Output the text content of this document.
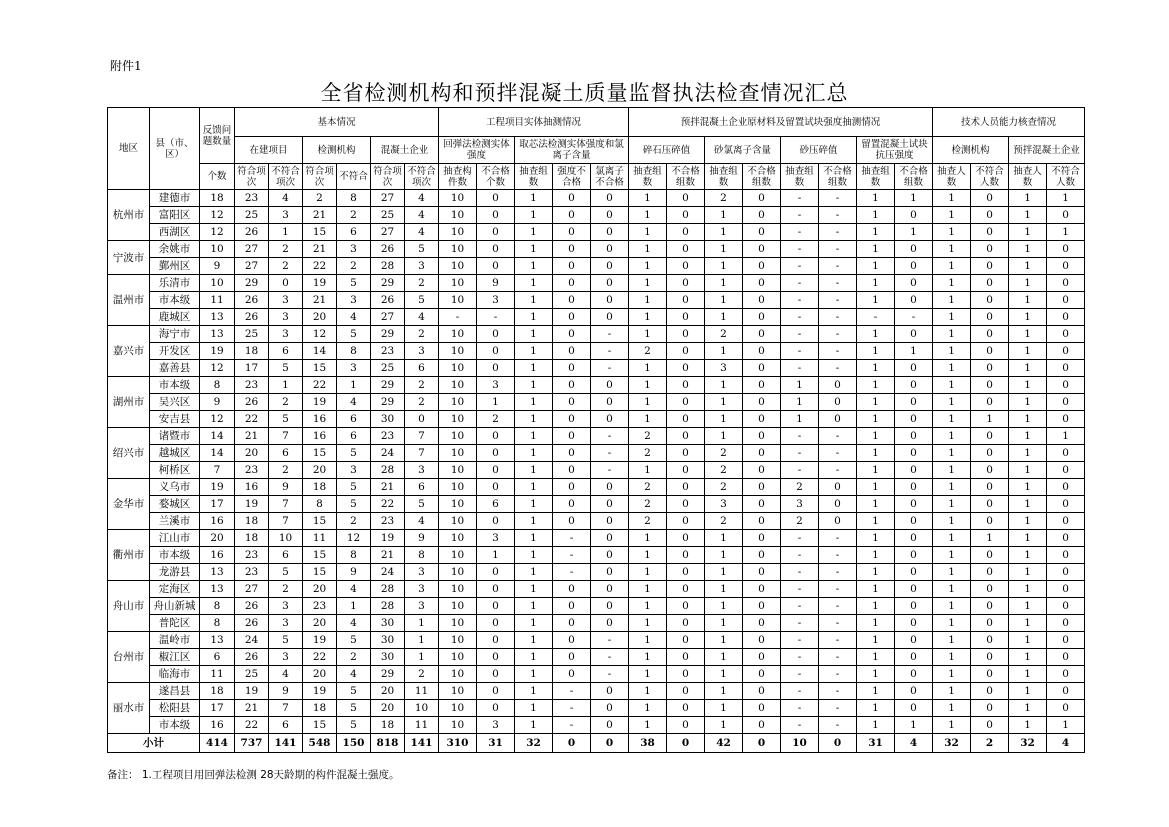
附件1
全省检测机构和预拌混凝土质量监督执法检查情况汇总
地区	县（市、区）	反馈问题数量	基本情况						工程项目实体抽测情况					预拌混凝土企业原材料及留置试块强度抽测情况								技术人员能力核查情况			
			在建项目		检测机构		混凝土企业		回弹法检测实体强度		取芯法检测实体强度和氯离子含量			碎石压碎值		砂氯离子含量		砂压碎值		留置混凝土试块抗压强度		检测机构		预拌混凝土企业	
		个数	符合项次	不符合项次	符合项次	不符合	符合项次	不符合项次	抽查构件数	不合格个数	抽查组数	强度不合格	氯离子不合格	抽查组数	不合格组数	抽查组数	不合格组数	抽查组数	不合格组数	抽查组数	不合格组数	抽查人数	不符合人数	抽查人数	不符合人数
杭州市	建德市	18	23	4	2	8	27	4	10	0	1	0	0	1	0	2	0	-	-	1	1	1	0	1	1
	富阳区	12	25	3	21	2	25	4	10	0	1	0	0	1	0	1	0	-	-	1	0	1	0	1	0
	西湖区	12	26	1	15	6	27	4	10	0	1	0	0	1	0	1	0	-	-	1	1	1	0	1	1
宁波市	余姚市	10	27	2	21	3	26	5	10	0	1	0	0	1	0	1	0	-	-	1	0	1	0	1	0
	鄞州区	9	27	2	22	2	28	3	10	0	1	0	0	1	0	1	0	-	-	1	0	1	0	1	0
温州市	乐清市	10	29	0	19	5	29	2	10	9	1	0	0	1	0	1	0	-	-	1	0	1	0	1	0
	市本级	11	26	3	21	3	26	5	10	3	1	0	0	1	0	1	0	-	-	1	0	1	0	1	0
	鹿城区	13	26	3	20	4	27	4	-	-	1	0	0	1	0	1	0	-	-	-	-	1	0	1	0
嘉兴市	海宁市	13	25	3	12	5	29	2	10	0	1	0	-	1	0	2	0	-	-	1	0	1	0	1	0
	开发区	19	18	6	14	8	23	3	10	0	1	0	-	2	0	1	0	-	-	1	1	1	0	1	0
	嘉善县	12	17	5	15	3	25	6	10	0	1	0	-	1	0	3	0	-	-	1	0	1	0	1	0
湖州市	市本级	8	23	1	22	1	29	2	10	3	1	0	0	1	0	1	0	1	0	1	0	1	0	1	0
	吴兴区	9	26	2	19	4	29	2	10	1	1	0	0	1	0	1	0	1	0	1	0	1	0	1	0
	安吉县	12	22	5	16	6	30	0	10	2	1	0	0	1	0	1	0	1	0	1	0	1	1	1	0
绍兴市	诸暨市	14	21	7	16	6	23	7	10	0	1	0	-	2	0	1	0	-	-	1	0	1	0	1	1
	越城区	14	20	6	15	5	24	7	10	0	1	0	-	2	0	2	0	-	-	1	0	1	0	1	0
	柯桥区	7	23	2	20	3	28	3	10	0	1	0	-	1	0	2	0	-	-	1	0	1	0	1	0
金华市	义乌市	19	16	9	18	5	21	6	10	0	1	0	0	2	0	2	0	2	0	1	0	1	0	1	0
	婺城区	17	19	7	8	5	22	5	10	6	1	0	0	2	0	3	0	3	0	1	0	1	0	1	0
	兰溪市	16	18	7	15	2	23	4	10	0	1	0	0	2	0	2	0	2	0	1	0	1	0	1	0
衢州市	江山市	20	18	10	11	12	19	9	10	3	1	-	0	1	0	1	0	-	-	1	0	1	1	1	0
	市本级	16	23	6	15	8	21	8	10	1	1	-	0	1	0	1	0	-	-	1	0	1	0	1	0
	龙游县	13	23	5	15	9	24	3	10	0	1	-	0	1	0	1	0	-	-	1	0	1	0	1	0
舟山市	定海区	13	27	2	20	4	28	3	10	0	1	0	0	1	0	1	0	-	-	1	0	1	0	1	0
	舟山新城	8	26	3	23	1	28	3	10	0	1	0	0	1	0	1	0	-	-	1	0	1	0	1	0
	普陀区	8	26	3	20	4	30	1	10	0	1	0	0	1	0	1	0	-	-	1	0	1	0	1	0
台州市	温岭市	13	24	5	19	5	30	1	10	0	1	0	-	1	0	1	0	-	-	1	0	1	0	1	0
	椒江区	6	26	3	22	2	30	1	10	0	1	0	-	1	0	1	0	-	-	1	0	1	0	1	0
	临海市	11	25	4	20	4	29	2	10	0	1	0	-	1	0	1	0	-	-	1	0	1	0	1	0
丽水市	遂昌县	18	19	9	19	5	20	11	10	0	1	-	0	1	0	1	0	-	-	1	0	1	0	1	0
	松阳县	17	21	7	18	5	20	10	10	0	1	-	0	1	0	1	0	-	-	1	0	1	0	1	0
	市本级	16	22	6	15	5	18	11	10	3	1	-	0	1	0	1	0	-	-	1	1	1	0	1	1
小计		414	737	141	548	150	818	141	310	31	32	0	0	38	0	42	0	10	0	31	4	32	2	32	4
备注： 1.工程项目用回弹法检测 28天龄期的构件混凝土强度。
